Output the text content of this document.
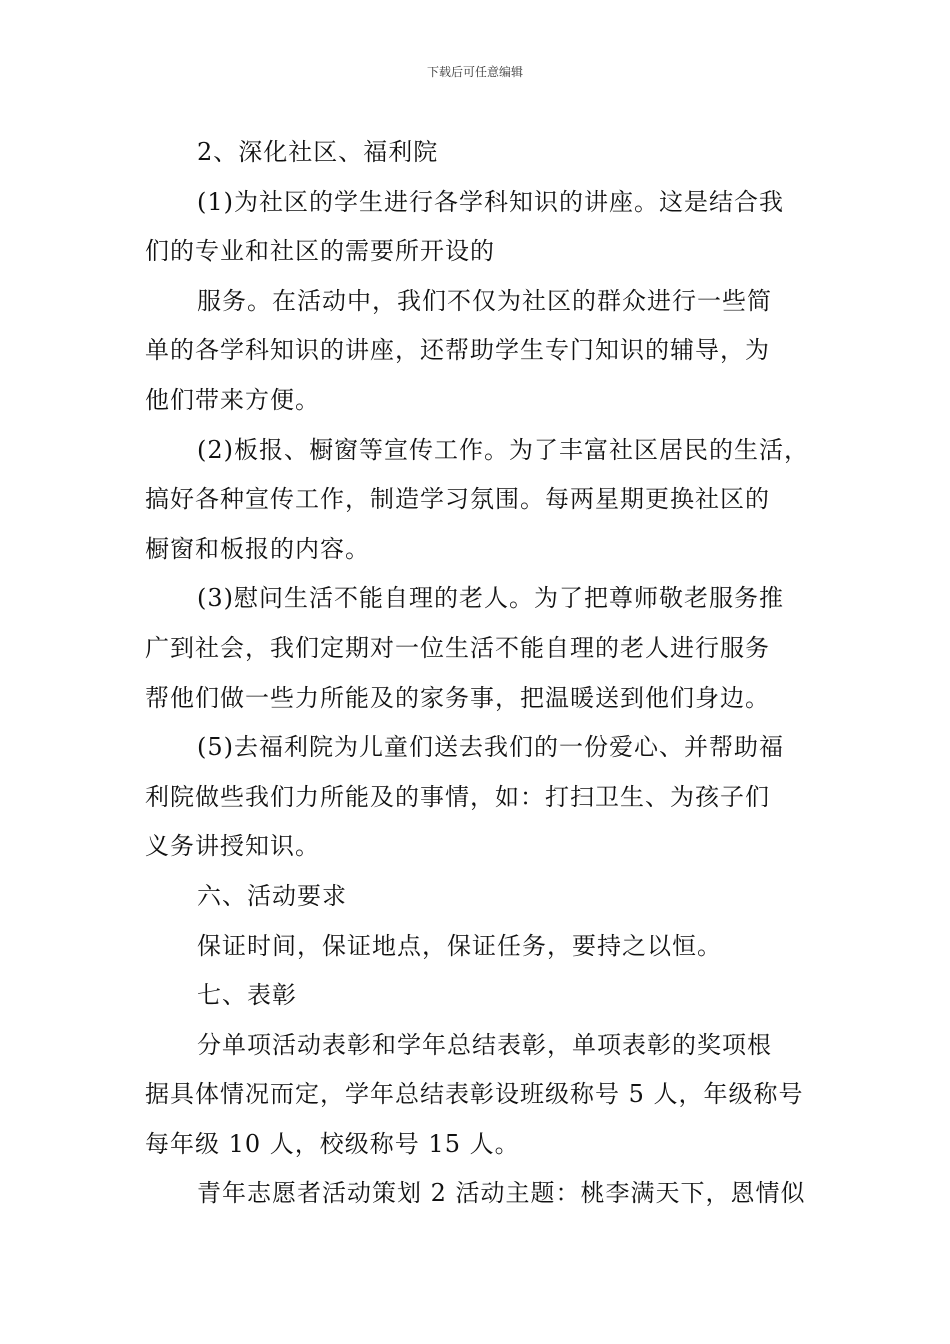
下载后可任意编辑
2、深化社区、福利院
(1)为社区的学生进行各学科知识的讲座。这是结合我
们的专业和社区的需要所开设的
服务。在活动中，我们不仅为社区的群众进行一些简
单的各学科知识的讲座，还帮助学生专门知识的辅导，为
他们带来方便。
(2)板报、橱窗等宣传工作。为了丰富社区居民的生活，
搞好各种宣传工作，制造学习氛围。每两星期更换社区的
橱窗和板报的内容。
(3)慰问生活不能自理的老人。为了把尊师敬老服务推
广到社会，我们定期对一位生活不能自理的老人进行服务
帮他们做一些力所能及的家务事，把温暖送到他们身边。
(5)去福利院为儿童们送去我们的一份爱心、并帮助福
利院做些我们力所能及的事情，如：打扫卫生、为孩子们
义务讲授知识。
六、活动要求
保证时间，保证地点，保证任务，要持之以恒。
七、表彰
分单项活动表彰和学年总结表彰，单项表彰的奖项根
据具体情况而定，学年总结表彰设班级称号 5 人，年级称号
每年级 10 人，校级称号 15 人。
青年志愿者活动策划 2 活动主题：桃李满天下，恩情似
